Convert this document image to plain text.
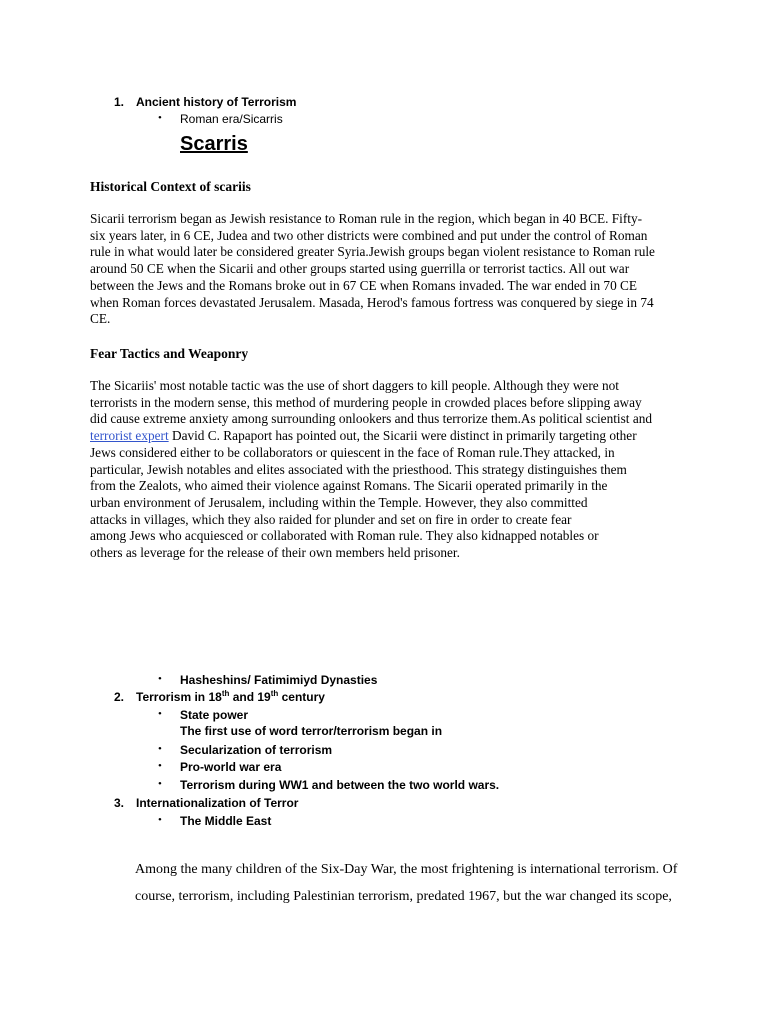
1. Ancient history of Terrorism
• Roman era/Sicarris
Scarris
Historical Context of scariis
Sicarii terrorism began as Jewish resistance to Roman rule in the region, which began in 40 BCE. Fifty-
six years later, in 6 CE, Judea and two other districts were combined and put under the control of Roman
rule in what would later be considered greater Syria.Jewish groups began violent resistance to Roman rule
around 50 CE when the Sicarii and other groups started using guerrilla or terrorist tactics. All out war
between the Jews and the Romans broke out in 67 CE when Romans invaded. The war ended in 70 CE
when Roman forces devastated Jerusalem. Masada, Herod's famous fortress was conquered by siege in 74
CE.
Fear Tactics and Weaponry
The Sicariis' most notable tactic was the use of short daggers to kill people. Although they were not
terrorists in the modern sense, this method of murdering people in crowded places before slipping away
did cause extreme anxiety among surrounding onlookers and thus terrorize them.As political scientist and
terrorist expert David C. Rapaport has pointed out, the Sicarii were distinct in primarily targeting other
Jews considered either to be collaborators or quiescent in the face of Roman rule.They attacked, in
particular, Jewish notables and elites associated with the priesthood. This strategy distinguishes them
from the Zealots, who aimed their violence against Romans. The Sicarii operated primarily in the
urban environment of Jerusalem, including within the Temple. However, they also committed
attacks in villages, which they also raided for plunder and set on fire in order to create fear
among Jews who acquiesced or collaborated with Roman rule. They also kidnapped notables or
others as leverage for the release of their own members held prisoner.
• Hasheshins/ Fatimimiyd Dynasties
2. Terrorism in 18th and 19th century
• State power
The first use of word terror/terrorism began in
• Secularization of terrorism
• Pro-world war era
• Terrorism during WW1 and between the two world wars.
3. Internationalization of Terror
• The Middle East
Among the many children of the Six-Day War, the most frightening is international terrorism. Of
course, terrorism, including Palestinian terrorism, predated 1967, but the war changed its scope,
